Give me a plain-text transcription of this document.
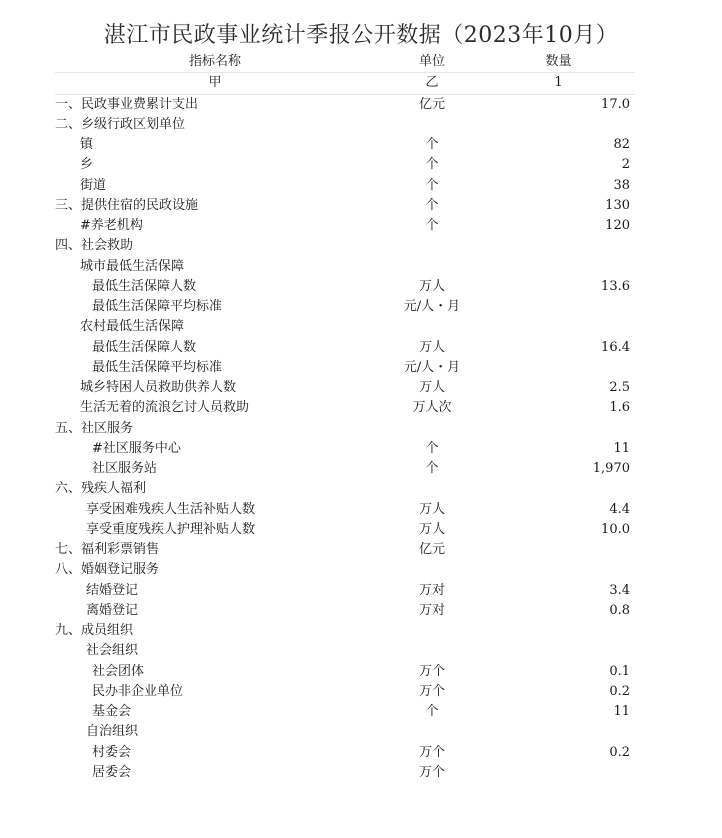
湛江市民政事业统计季报公开数据（2023年10月）
指标名称	单位	数量
甲	乙	1
一、民政事业费累计支出	亿元	17.0
二、乡级行政区划单位
镇	个	82
乡	个	2
街道	个	38
三、提供住宿的民政设施	个	130
#养老机构	个	120
四、社会救助
城市最低生活保障
最低生活保障人数	万人	13.6
最低生活保障平均标准	元/人・月
农村最低生活保障
最低生活保障人数	万人	16.4
最低生活保障平均标准	元/人・月
城乡特困人员救助供养人数	万人	2.5
生活无着的流浪乞讨人员救助	万人次	1.6
五、社区服务
#社区服务中心	个	11
社区服务站	个	1,970
六、残疾人福利
享受困难残疾人生活补贴人数	万人	4.4
享受重度残疾人护理补贴人数	万人	10.0
七、福利彩票销售	亿元
八、婚姻登记服务
结婚登记	万对	3.4
离婚登记	万对	0.8
九、成员组织
社会组织
社会团体	万个	0.1
民办非企业单位	万个	0.2
基金会	个	11
自治组织
村委会	万个	0.2
居委会	万个
